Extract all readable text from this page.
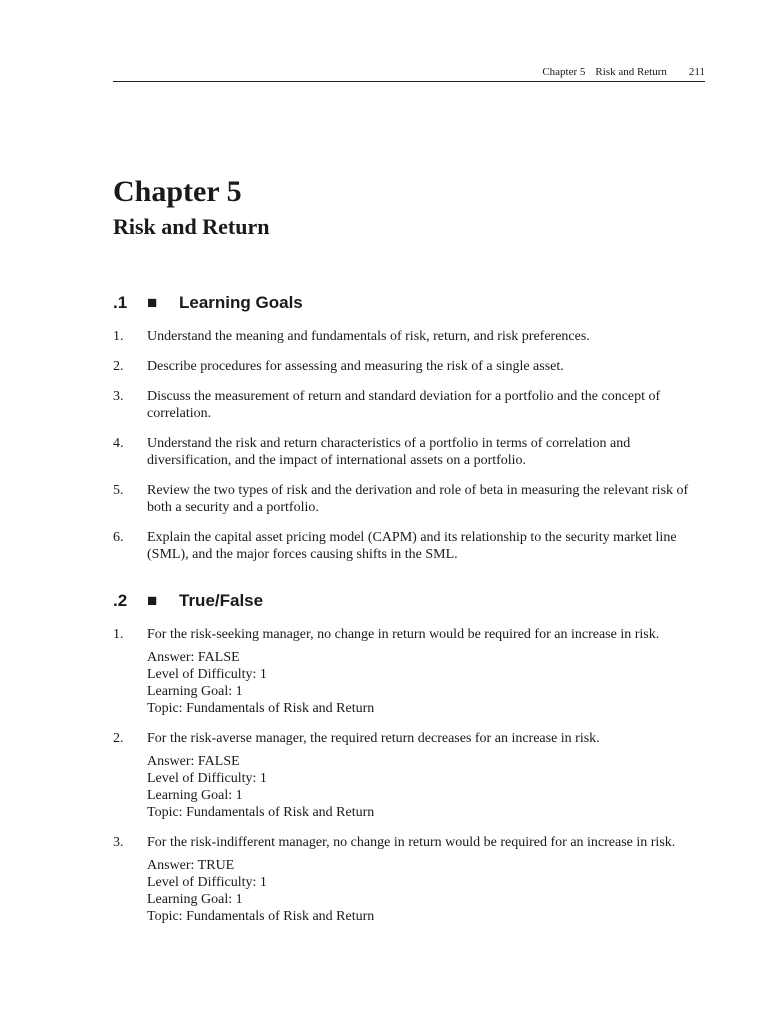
Chapter 5 Risk and Return 211
Chapter 5
Risk and Return
.1 ■ Learning Goals
1. Understand the meaning and fundamentals of risk, return, and risk preferences.
2. Describe procedures for assessing and measuring the risk of a single asset.
3. Discuss the measurement of return and standard deviation for a portfolio and the concept of
correlation.
4. Understand the risk and return characteristics of a portfolio in terms of correlation and
diversification, and the impact of international assets on a portfolio.
5. Review the two types of risk and the derivation and role of beta in measuring the relevant risk of
both a security and a portfolio.
6. Explain the capital asset pricing model (CAPM) and its relationship to the security market line
(SML), and the major forces causing shifts in the SML.
.2 ■ True/False
1. For the risk-seeking manager, no change in return would be required for an increase in risk.
Answer: FALSE
Level of Difficulty: 1
Learning Goal: 1
Topic: Fundamentals of Risk and Return
2. For the risk-averse manager, the required return decreases for an increase in risk.
Answer: FALSE
Level of Difficulty: 1
Learning Goal: 1
Topic: Fundamentals of Risk and Return
3. For the risk-indifferent manager, no change in return would be required for an increase in risk.
Answer: TRUE
Level of Difficulty: 1
Learning Goal: 1
Topic: Fundamentals of Risk and Return
